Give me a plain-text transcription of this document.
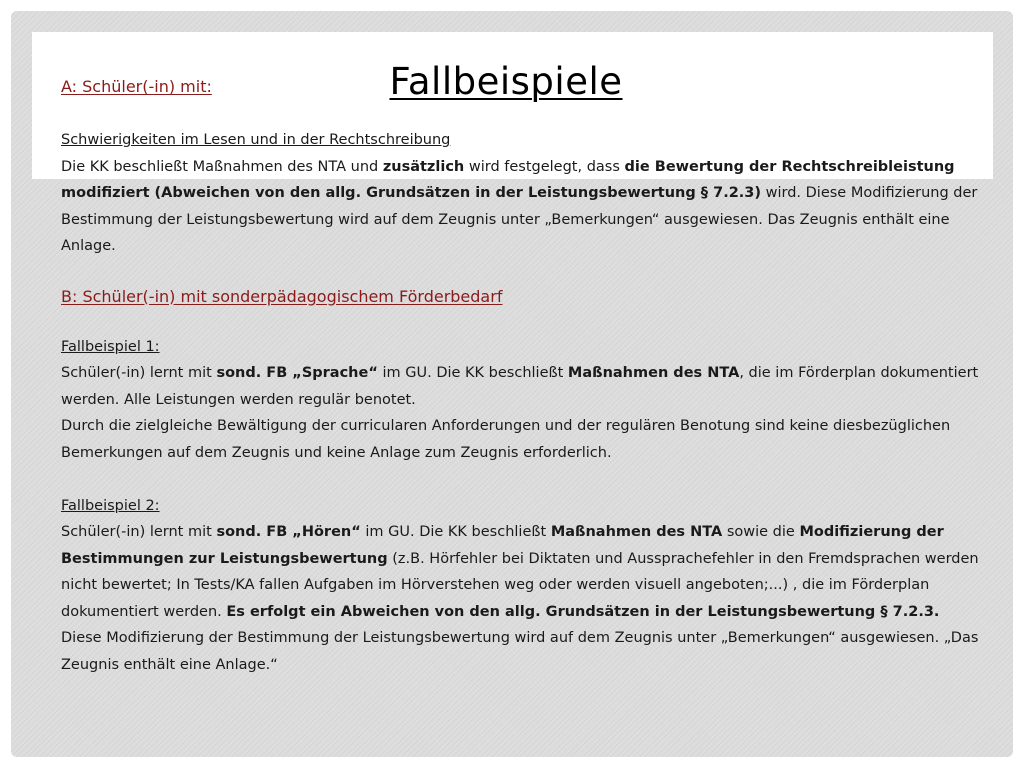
Fallbeispiele

A: Schüler(-in) mit:

Schwierigkeiten im Lesen und in der Rechtschreibung

Die KK beschließt Maßnahmen des NTA und zusätzlich wird festgelegt, dass die Bewertung der Rechtschreibleistung modifiziert (Abweichen von den allg. Grundsätzen in der Leistungsbewertung § 7.2.3) wird. Diese Modifizierung der Bestimmung der Leistungsbewertung wird auf dem Zeugnis unter „Bemerkungen“ ausgewiesen. Das Zeugnis enthält eine Anlage.

B: Schüler(-in) mit sonderpädagogischem Förderbedarf

Fallbeispiel 1:

Schüler(-in) lernt mit sond. FB „Sprache“ im GU. Die KK beschließt Maßnahmen des NTA, die im Förderplan dokumentiert werden. Alle Leistungen werden regulär benotet.

Durch die zielgleiche Bewältigung der curricularen Anforderungen und der regulären Benotung sind keine diesbezüglichen Bemerkungen auf dem Zeugnis und keine Anlage zum Zeugnis erforderlich.

Fallbeispiel 2:

Schüler(-in) lernt mit sond. FB „Hören“ im GU. Die KK beschließt Maßnahmen des NTA sowie die Modifizierung der Bestimmungen zur Leistungsbewertung (z.B. Hörfehler bei Diktaten und Aussprachefehler in den Fremdsprachen werden nicht bewertet; In Tests/KA fallen Aufgaben im Hörverstehen weg oder werden visuell angeboten;...) , die im Förderplan dokumentiert werden. Es erfolgt ein Abweichen von den allg. Grundsätzen in der Leistungsbewertung § 7.2.3.

Diese Modifizierung der Bestimmung der Leistungsbewertung wird auf dem Zeugnis unter „Bemerkungen“ ausgewiesen. „Das Zeugnis enthält eine Anlage.“
